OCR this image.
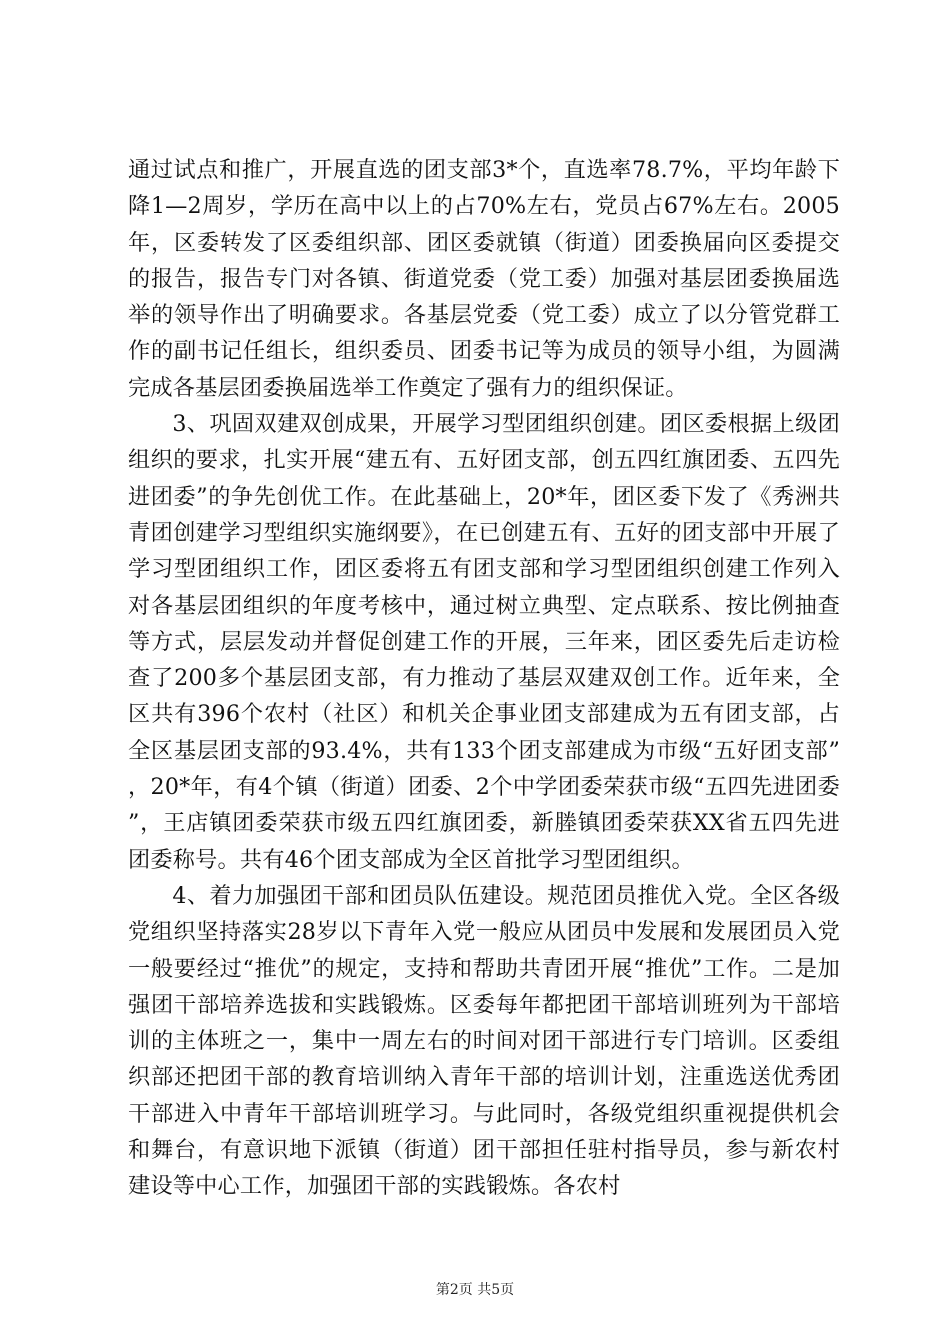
通过试点和推广，开展直选的团支部3*个，直选率78.7%，平均年龄下降1—2周岁，学历在高中以上的占70%左右，党员占67%左右。2005年，区委转发了区委组织部、团区委就镇（街道）团委换届向区委提交的报告，报告专门对各镇、街道党委（党工委）加强对基层团委换届选举的领导作出了明确要求。各基层党委（党工委）成立了以分管党群工作的副书记任组长，组织委员、团委书记等为成员的领导小组，为圆满完成各基层团委换届选举工作奠定了强有力的组织保证。

3、巩固双建双创成果，开展学习型团组织创建。团区委根据上级团组织的要求，扎实开展“建五有、五好团支部，创五四红旗团委、五四先进团委”的争先创优工作。在此基础上，20*年，团区委下发了《秀洲共青团创建学习型组织实施纲要》，在已创建五有、五好的团支部中开展了学习型团组织工作，团区委将五有团支部和学习型团组织创建工作列入对各基层团组织的年度考核中，通过树立典型、定点联系、按比例抽查等方式，层层发动并督促创建工作的开展，三年来，团区委先后走访检查了200多个基层团支部，有力推动了基层双建双创工作。近年来，全区共有396个农村（社区）和机关企事业团支部建成为五有团支部，占全区基层团支部的93.4%，共有133个团支部建成为市级“五好团支部”，20*年，有4个镇（街道）团委、2个中学团委荣获市级“五四先进团委”，王店镇团委荣获市级五四红旗团委，新塍镇团委荣获XX省五四先进团委称号。共有46个团支部成为全区首批学习型团组织。

4、着力加强团干部和团员队伍建设。规范团员推优入党。全区各级党组织坚持落实28岁以下青年入党一般应从团员中发展和发展团员入党一般要经过“推优”的规定，支持和帮助共青团开展“推优”工作。二是加强团干部培养选拔和实践锻炼。区委每年都把团干部培训班列为干部培训的主体班之一，集中一周左右的时间对团干部进行专门培训。区委组织部还把团干部的教育培训纳入青年干部的培训计划，注重选送优秀团干部进入中青年干部培训班学习。与此同时，各级党组织重视提供机会和舞台，有意识地下派镇（街道）团干部担任驻村指导员，参与新农村建设等中心工作，加强团干部的实践锻炼。各农村

第2页 共5页
